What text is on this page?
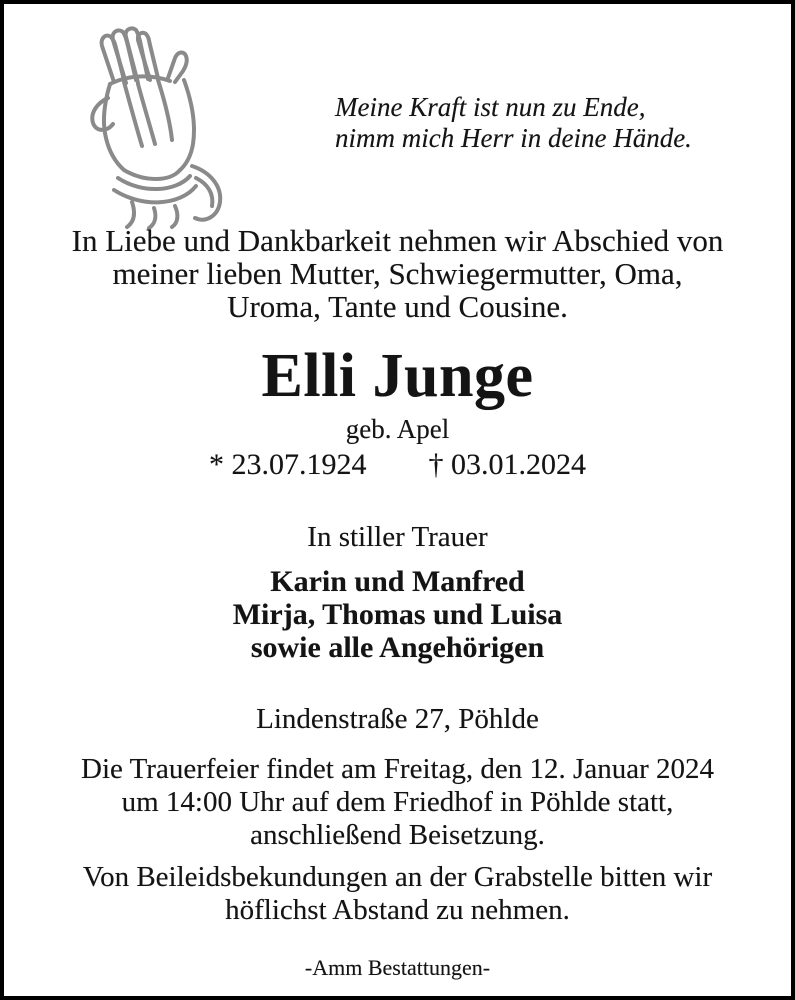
Meine Kraft ist nun zu Ende,
nimm mich Herr in deine Hände.
In Liebe und Dankbarkeit nehmen wir Abschied von
meiner lieben Mutter, Schwiegermutter, Oma,
Uroma, Tante und Cousine.
Elli Junge
geb. Apel
* 23.07.1924 † 03.01.2024
In stiller Trauer
Karin und Manfred
Mirja, Thomas und Luisa
sowie alle Angehörigen
Lindenstraße 27, Pöhlde
Die Trauerfeier findet am Freitag, den 12. Januar 2024
um 14:00 Uhr auf dem Friedhof in Pöhlde statt,
anschließend Beisetzung.
Von Beileidsbekundungen an der Grabstelle bitten wir
höflichst Abstand zu nehmen.
-Amm Bestattungen-
